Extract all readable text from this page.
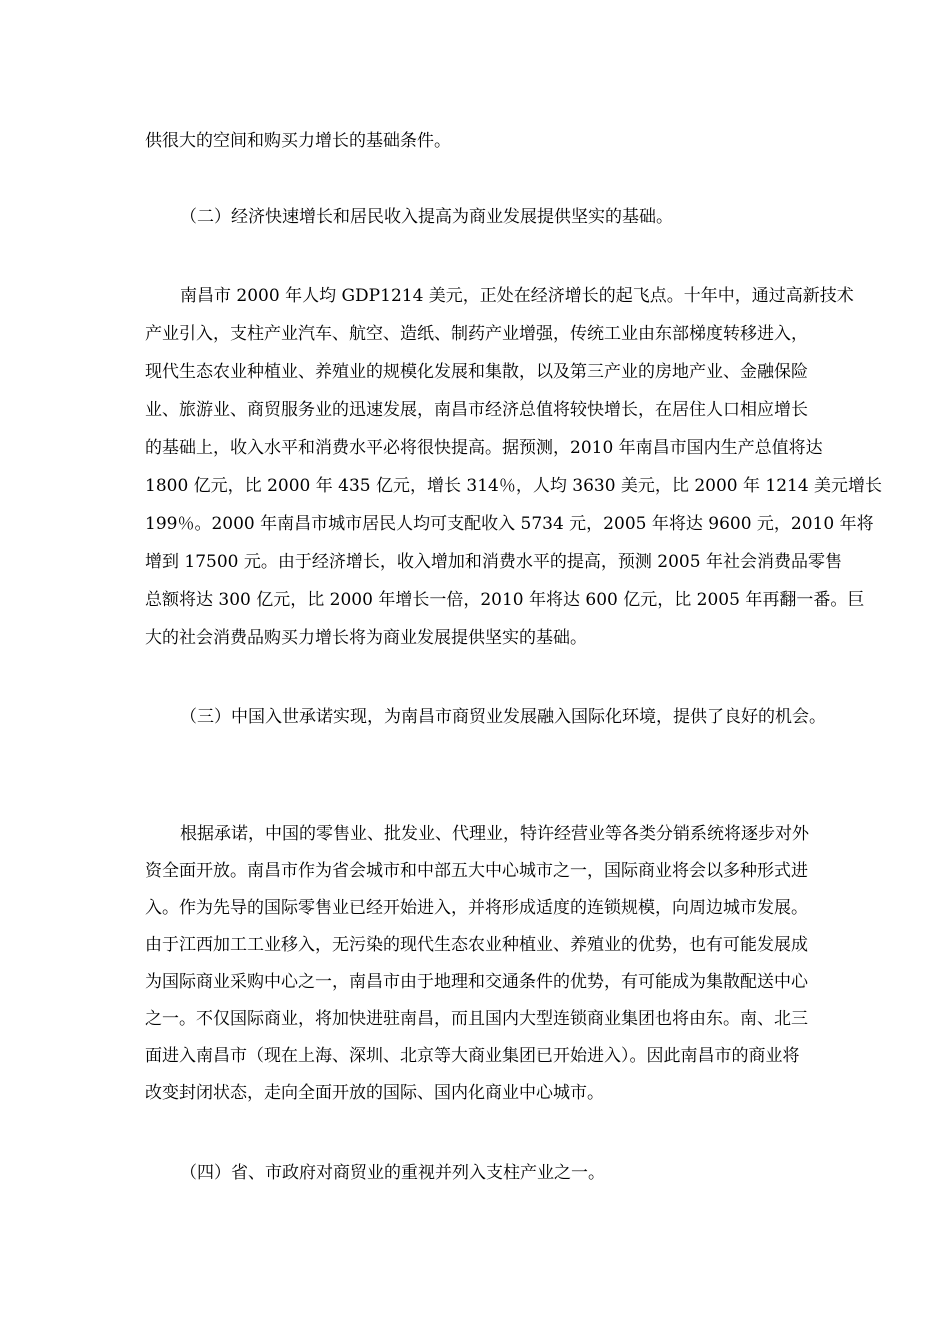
供很大的空间和购买力增长的基础条件。

（二）经济快速增长和居民收入提高为商业发展提供坚实的基础。

南昌市 2000 年人均 GDP1214 美元，正处在经济增长的起飞点。十年中，通过高新技术

产业引入，支柱产业汽车、航空、造纸、制药产业增强，传统工业由东部梯度转移进入，

现代生态农业种植业、养殖业的规模化发展和集散，以及第三产业的房地产业、金融保险

业、旅游业、商贸服务业的迅速发展，南昌市经济总值将较快增长，在居住人口相应增长

的基础上，收入水平和消费水平必将很快提高。据预测，2010 年南昌市国内生产总值将达

1800 亿元，比 2000 年 435 亿元，增长 314％，人均 3630 美元，比 2000 年 1214 美元增长

199％。2000 年南昌市城市居民人均可支配收入 5734 元，2005 年将达 9600 元，2010 年将

增到 17500 元。由于经济增长，收入增加和消费水平的提高，预测 2005 年社会消费品零售

总额将达 300 亿元，比 2000 年增长一倍，2010 年将达 600 亿元，比 2005 年再翻一番。巨

大的社会消费品购买力增长将为商业发展提供坚实的基础。

（三）中国入世承诺实现，为南昌市商贸业发展融入国际化环境，提供了良好的机会。

根据承诺，中国的零售业、批发业、代理业，特许经营业等各类分销系统将逐步对外

资全面开放。南昌市作为省会城市和中部五大中心城市之一，国际商业将会以多种形式进

入。作为先导的国际零售业已经开始进入，并将形成适度的连锁规模，向周边城市发展。

由于江西加工工业移入，无污染的现代生态农业种植业、养殖业的优势，也有可能发展成

为国际商业采购中心之一，南昌市由于地理和交通条件的优势，有可能成为集散配送中心

之一。不仅国际商业，将加快进驻南昌，而且国内大型连锁商业集团也将由东。南、北三

面进入南昌市（现在上海、深圳、北京等大商业集团已开始进入）。因此南昌市的商业将

改变封闭状态，走向全面开放的国际、国内化商业中心城市。

（四）省、市政府对商贸业的重视并列入支柱产业之一。
